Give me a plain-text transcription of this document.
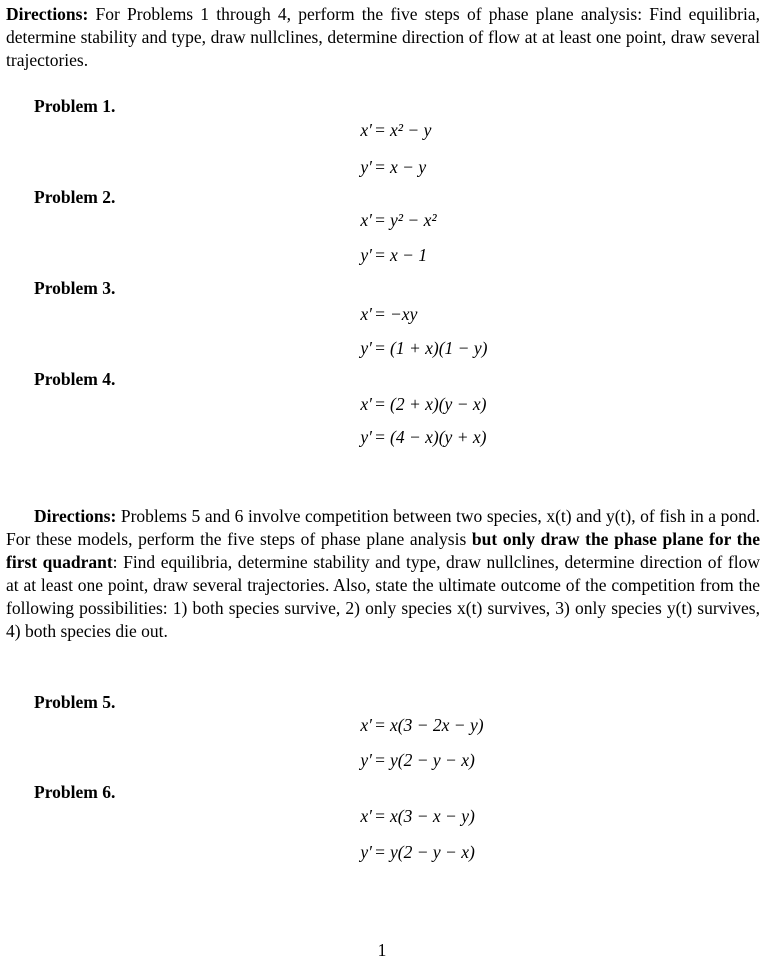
Directions: For Problems 1 through 4, perform the five steps of phase plane analysis: Find equilibria, determine stability and type, draw nullclines, determine direction of flow at at least one point, draw several trajectories.
Problem 1.
x′ = x² − y
y′ = x − y
Problem 2.
x′ = y² − x²
y′ = x − 1
Problem 3.
x′ = −xy
y′ = (1 + x)(1 − y)
Problem 4.
x′ = (2 + x)(y − x)
y′ = (4 − x)(y + x)
Directions: Problems 5 and 6 involve competition between two species, x(t) and y(t), of fish in a pond. For these models, perform the five steps of phase plane analysis but only draw the phase plane for the first quadrant: Find equilibria, determine stability and type, draw nullclines, determine direction of flow at at least one point, draw several trajectories. Also, state the ultimate outcome of the competition from the following possibilities: 1) both species survive, 2) only species x(t) survives, 3) only species y(t) survives, 4) both species die out.
Problem 5.
x′ = x(3 − 2x − y)
y′ = y(2 − y − x)
Problem 6.
x′ = x(3 − x − y)
y′ = y(2 − y − x)
1
